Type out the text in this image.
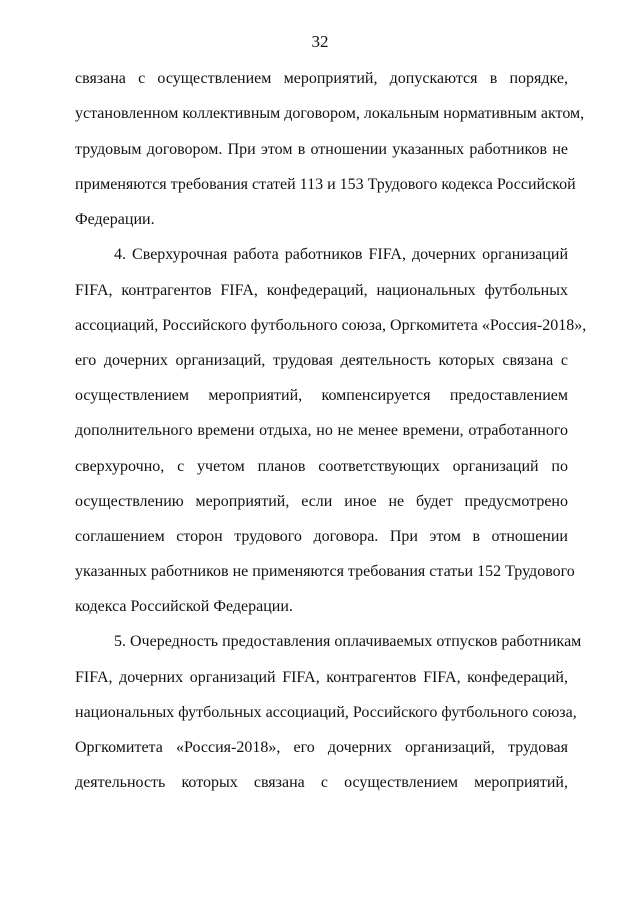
32
связана с осуществлением мероприятий, допускаются в порядке,
установленном коллективным договором, локальным нормативным актом,
трудовым договором. При этом в отношении указанных работников не
применяются требования статей 113 и 153 Трудового кодекса Российской
Федерации.
4. Сверхурочная работа работников FIFA, дочерних организаций
FIFA, контрагентов FIFA, конфедераций, национальных футбольных
ассоциаций, Российского футбольного союза, Оргкомитета «Россия-2018»,
его дочерних организаций, трудовая деятельность которых связана с
осуществлением мероприятий, компенсируется предоставлением
дополнительного времени отдыха, но не менее времени, отработанного
сверхурочно, с учетом планов соответствующих организаций по
осуществлению мероприятий, если иное не будет предусмотрено
соглашением сторон трудового договора. При этом в отношении
указанных работников не применяются требования статьи 152 Трудового
кодекса Российской Федерации.
5. Очередность предоставления оплачиваемых отпусков работникам
FIFA, дочерних организаций FIFA, контрагентов FIFA, конфедераций,
национальных футбольных ассоциаций, Российского футбольного союза,
Оргкомитета «Россия-2018», его дочерних организаций, трудовая
деятельность которых связана с осуществлением мероприятий,
